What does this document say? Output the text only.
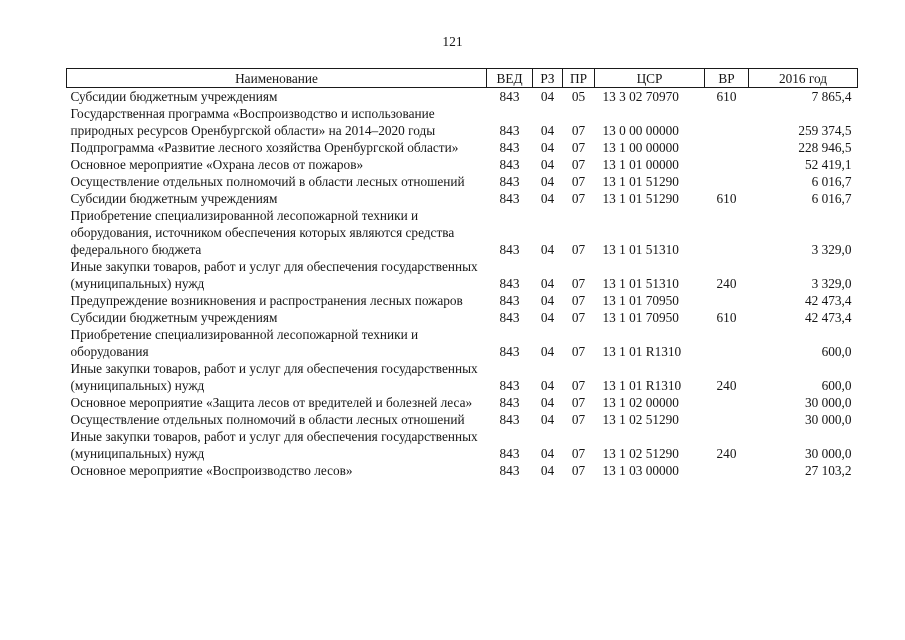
121
Наименование	ВЕД	РЗ	ПР	ЦСР	ВР	2016 год
Субсидии бюджетным учреждениям	843	04	05	13 3 02 70970	610	7 865,4
Государственная программа «Воспроизводство и использование природных ресурсов Оренбургской области» на 2014–2020 годы	843	04	07	13 0 00 00000		259 374,5
Подпрограмма «Развитие лесного хозяйства Оренбургской области»	843	04	07	13 1 00 00000		228 946,5
Основное мероприятие «Охрана лесов от пожаров»	843	04	07	13 1 01 00000		52 419,1
Осуществление отдельных полномочий в области лесных отношений	843	04	07	13 1 01 51290		6 016,7
Субсидии бюджетным учреждениям	843	04	07	13 1 01 51290	610	6 016,7
Приобретение специализированной лесопожарной техники и оборудования, источником обеспечения которых являются средства федерального бюджета	843	04	07	13 1 01 51310		3 329,0
Иные закупки товаров, работ и услуг для обеспечения государственных (муниципальных) нужд	843	04	07	13 1 01 51310	240	3 329,0
Предупреждение возникновения и распространения лесных пожаров	843	04	07	13 1 01 70950		42 473,4
Субсидии бюджетным учреждениям	843	04	07	13 1 01 70950	610	42 473,4
Приобретение специализированной лесопожарной техники и оборудования	843	04	07	13 1 01 R1310		600,0
Иные закупки товаров, работ и услуг для обеспечения государственных (муниципальных) нужд	843	04	07	13 1 01 R1310	240	600,0
Основное мероприятие «Защита лесов от вредителей и болезней леса»	843	04	07	13 1 02 00000		30 000,0
Осуществление отдельных полномочий в области лесных отношений	843	04	07	13 1 02 51290		30 000,0
Иные закупки товаров, работ и услуг для обеспечения государственных (муниципальных) нужд	843	04	07	13 1 02 51290	240	30 000,0
Основное мероприятие «Воспроизводство лесов»	843	04	07	13 1 03 00000		27 103,2
